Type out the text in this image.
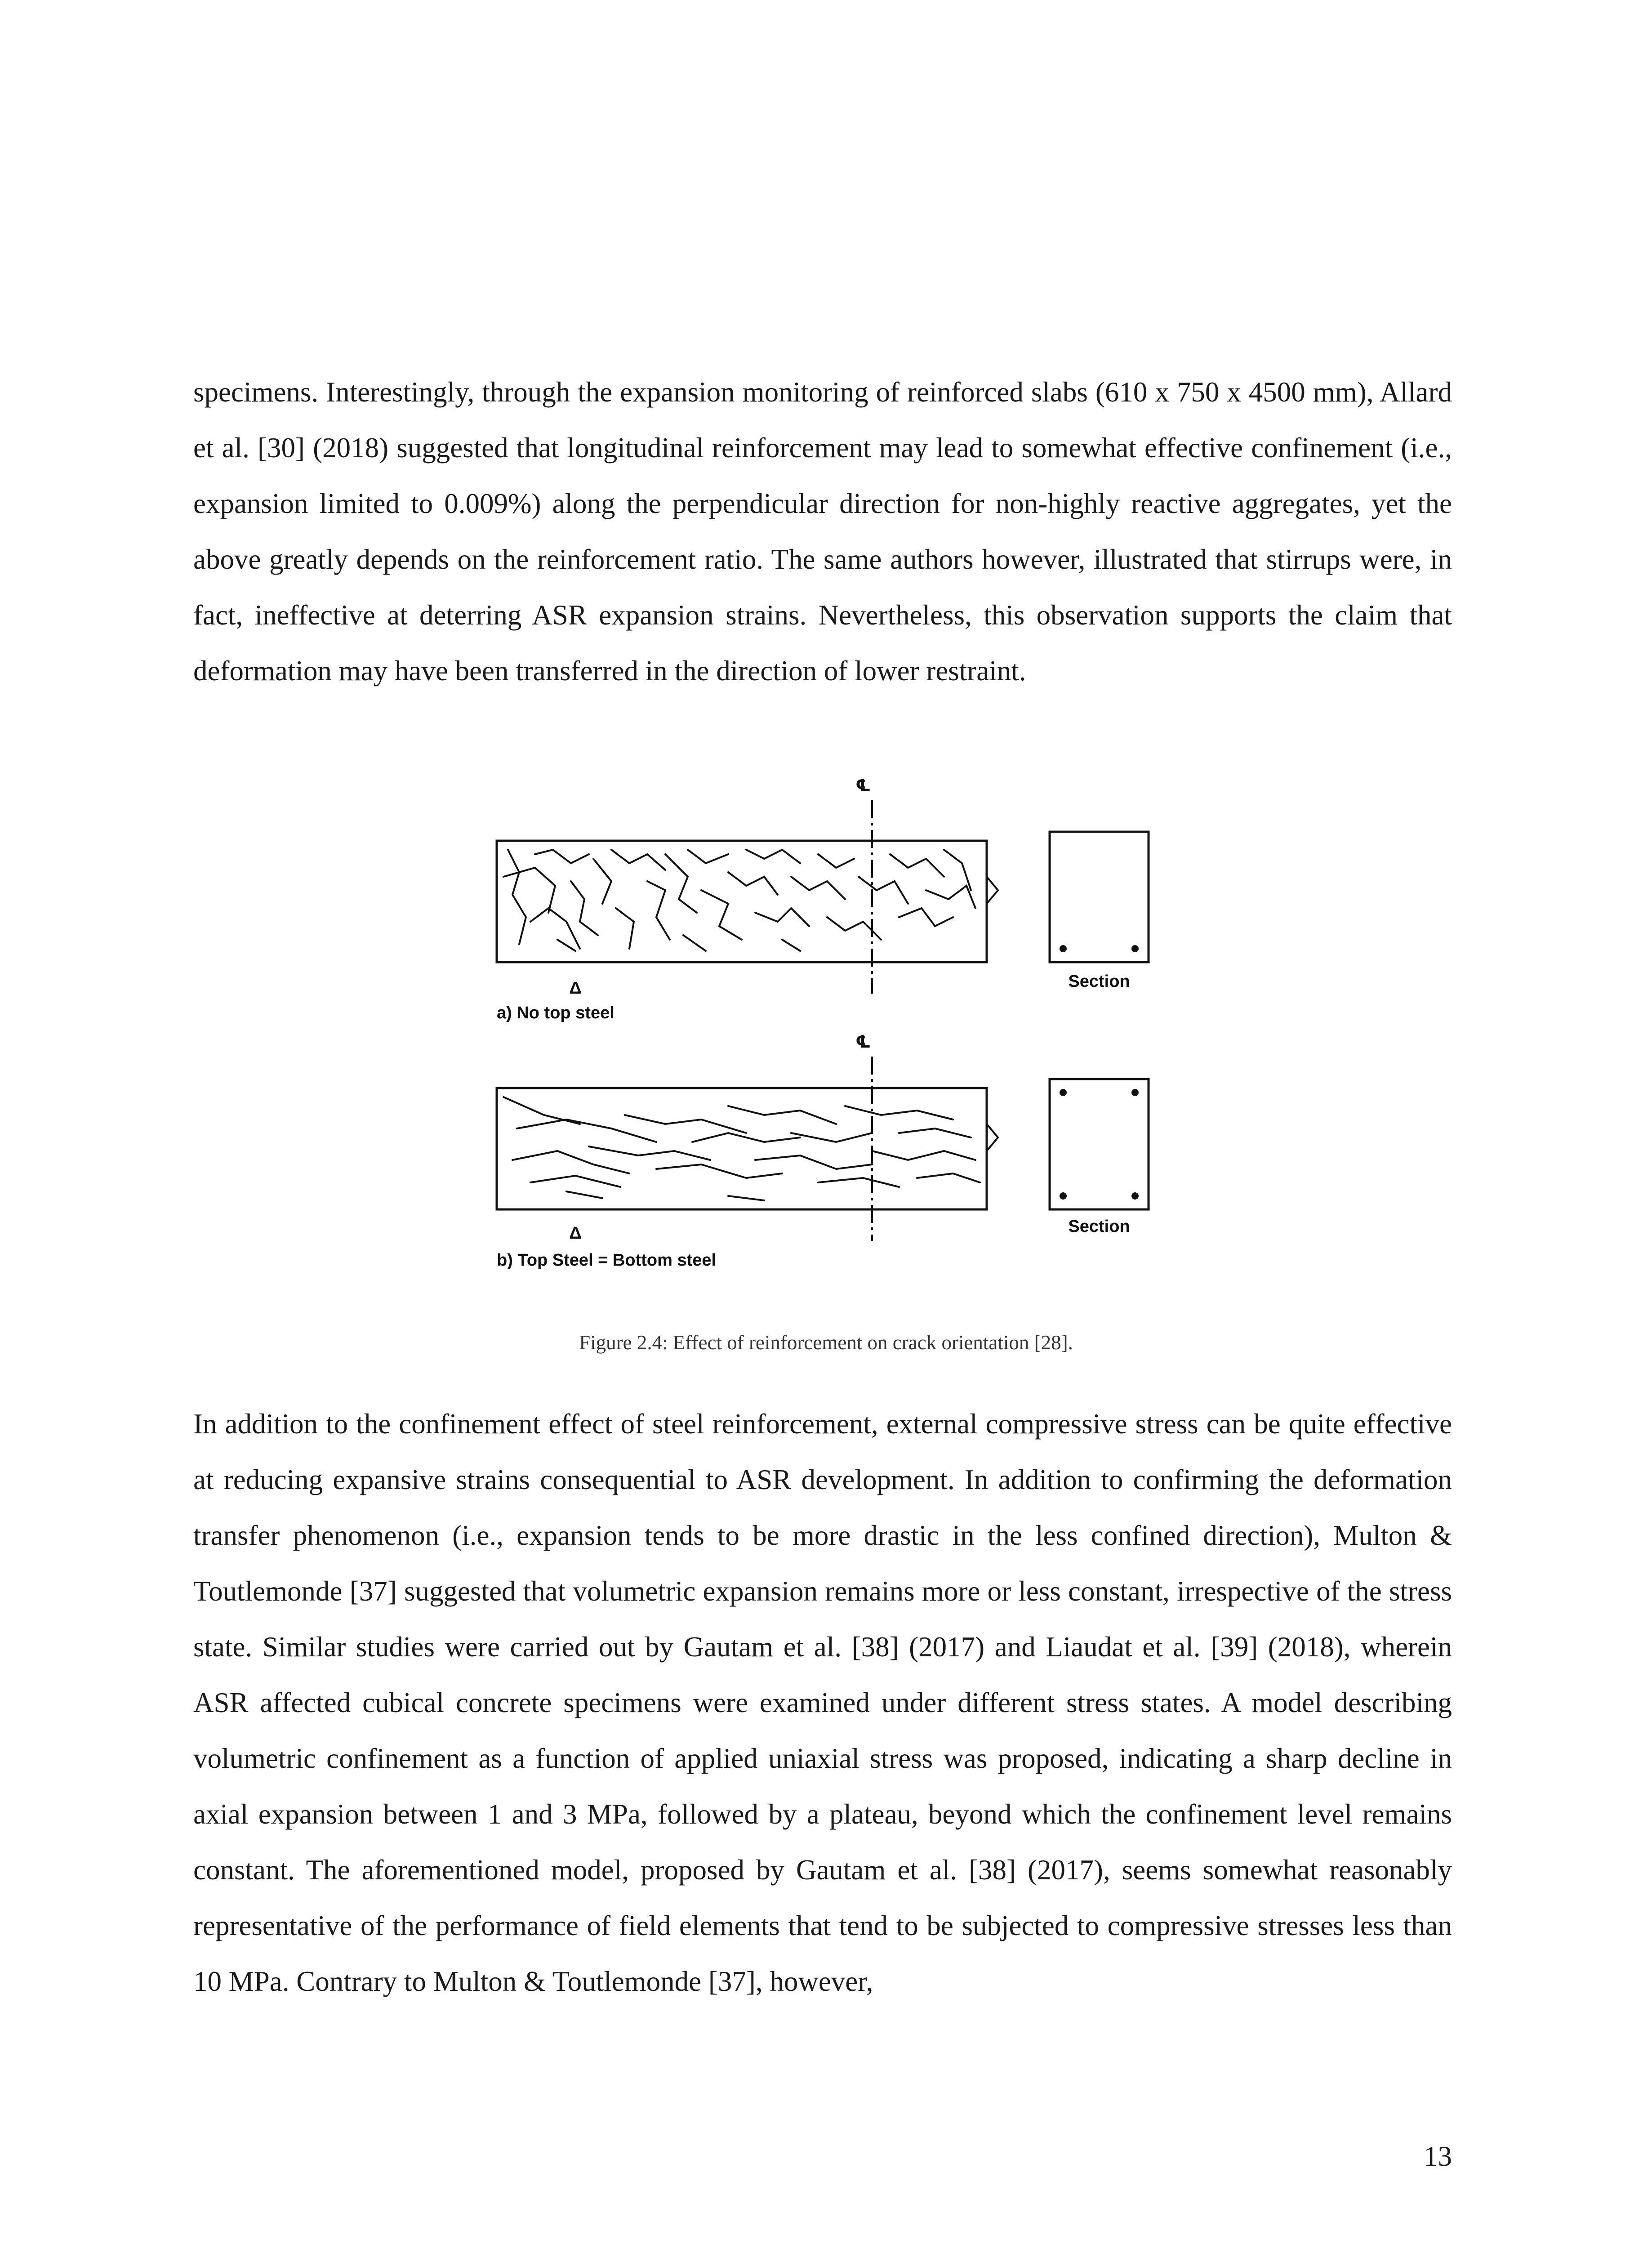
specimens. Interestingly, through the expansion monitoring of reinforced slabs (610 x 750 x 4500 mm), Allard et al. [30] (2018) suggested that longitudinal reinforcement may lead to somewhat effective confinement (i.e., expansion limited to 0.009%) along the perpendicular direction for non-highly reactive aggregates, yet the above greatly depends on the reinforcement ratio. The same authors however, illustrated that stirrups were, in fact, ineffective at deterring ASR expansion strains. Nevertheless, this observation supports the claim that deformation may have been transferred in the direction of lower restraint.

℄
Δ
a) No top steel
Section
℄
Δ
b) Top Steel = Bottom steel
Section
Figure 2.4: Effect of reinforcement on crack orientation [28].

In addition to the confinement effect of steel reinforcement, external compressive stress can be quite effective at reducing expansive strains consequential to ASR development. In addition to confirming the deformation transfer phenomenon (i.e., expansion tends to be more drastic in the less confined direction), Multon & Toutlemonde [37] suggested that volumetric expansion remains more or less constant, irrespective of the stress state. Similar studies were carried out by Gautam et al. [38] (2017) and Liaudat et al. [39] (2018), wherein ASR affected cubical concrete specimens were examined under different stress states. A model describing volumetric confinement as a function of applied uniaxial stress was proposed, indicating a sharp decline in axial expansion between 1 and 3 MPa, followed by a plateau, beyond which the confinement level remains constant. The aforementioned model, proposed by Gautam et al. [38] (2017), seems somewhat reasonably representative of the performance of field elements that tend to be subjected to compressive stresses less than 10 MPa. Contrary to Multon & Toutlemonde [37], however,

13
